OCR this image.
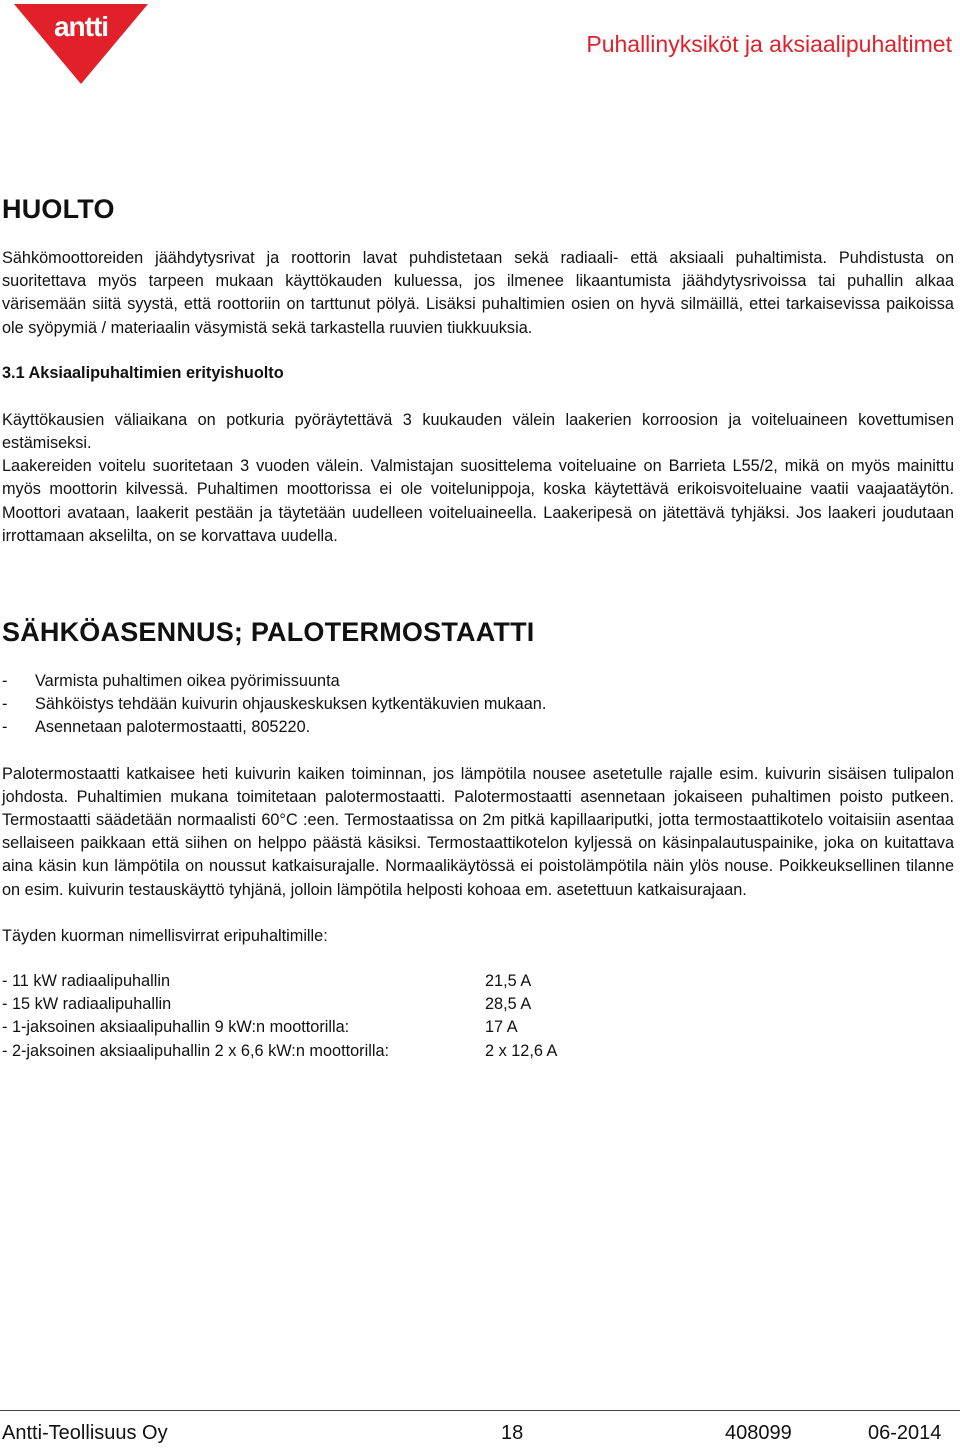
antti
Puhallinyksiköt ja aksiaalipuhaltimet
HUOLTO

Sähkömoottoreiden jäähdytysrivat ja roottorin lavat puhdistetaan sekä radiaali- että aksiaali puhaltimista. Puhdistusta on suoritettava myös tarpeen mukaan käyttökauden kuluessa, jos ilmenee likaantumista jäähdytysrivoissa tai puhallin alkaa värisemään siitä syystä, että roottoriin on tarttunut pölyä. Lisäksi puhaltimien osien on hyvä silmäillä, ettei tarkaisevissa paikoissa ole syöpymiä / materiaalin väsymistä sekä tarkastella ruuvien tiukkuuksia.

3.1 Aksiaalipuhaltimien erityishuolto

Käyttökausien väliaikana on potkuria pyöräytettävä 3 kuukauden välein laakerien korroosion ja voiteluaineen kovettumisen estämiseksi.

Laakereiden voitelu suoritetaan 3 vuoden välein. Valmistajan suosittelema voiteluaine on Barrieta L55/2, mikä on myös mainittu myös moottorin kilvessä. Puhaltimen moottorissa ei ole voitelunippoja, koska käytettävä erikoisvoiteluaine vaatii vaajaatäytön. Moottori avataan, laakerit pestään ja täytetään uudelleen voiteluaineella. Laakeripesä on jätettävä tyhjäksi. Jos laakeri joudutaan irrottamaan akselilta, on se korvattava uudella.

SÄHKÖASENNUS; PALOTERMOSTAATTI
-	Varmista puhaltimen oikea pyörimissuunta
-	Sähköistys tehdään kuivurin ohjauskeskuksen kytkentäkuvien mukaan.
-	Asennetaan palotermostaatti, 805220.

Palotermostaatti katkaisee heti kuivurin kaiken toiminnan, jos lämpötila nousee asetetulle rajalle esim. kuivurin sisäisen tulipalon johdosta. Puhaltimien mukana toimitetaan palotermostaatti. Palotermostaatti asennetaan jokaiseen puhaltimen poisto putkeen. Termostaatti säädetään normaalisti 60°C :een. Termostaatissa on 2m pitkä kapillaariputki, jotta termostaattikotelo voitaisiin asentaa sellaiseen paikkaan että siihen on helppo päästä käsiksi. Termostaattikotelon kyljessä on käsinpalautuspainike, joka on kuitattava aina käsin kun lämpötila on noussut katkaisurajalle. Normaalikäytössä ei poistolämpötila näin ylös nouse. Poikkeuksellinen tilanne on esim. kuivurin testauskäyttö tyhjänä, jolloin lämpötila helposti kohoaa em. asetettuun katkaisurajaan.

Täyden kuorman nimellisvirrat eripuhaltimille:

- 11 kW radiaalipuhallin	21,5 A
- 15 kW radiaalipuhallin	28,5 A
- 1-jaksoinen aksiaalipuhallin 9 kW:n moottorilla:	17 A
- 2-jaksoinen aksiaalipuhallin 2 x 6,6 kW:n moottorilla:	2 x 12,6 A
Antti-Teollisuus Oy	18	408099	06-2014
